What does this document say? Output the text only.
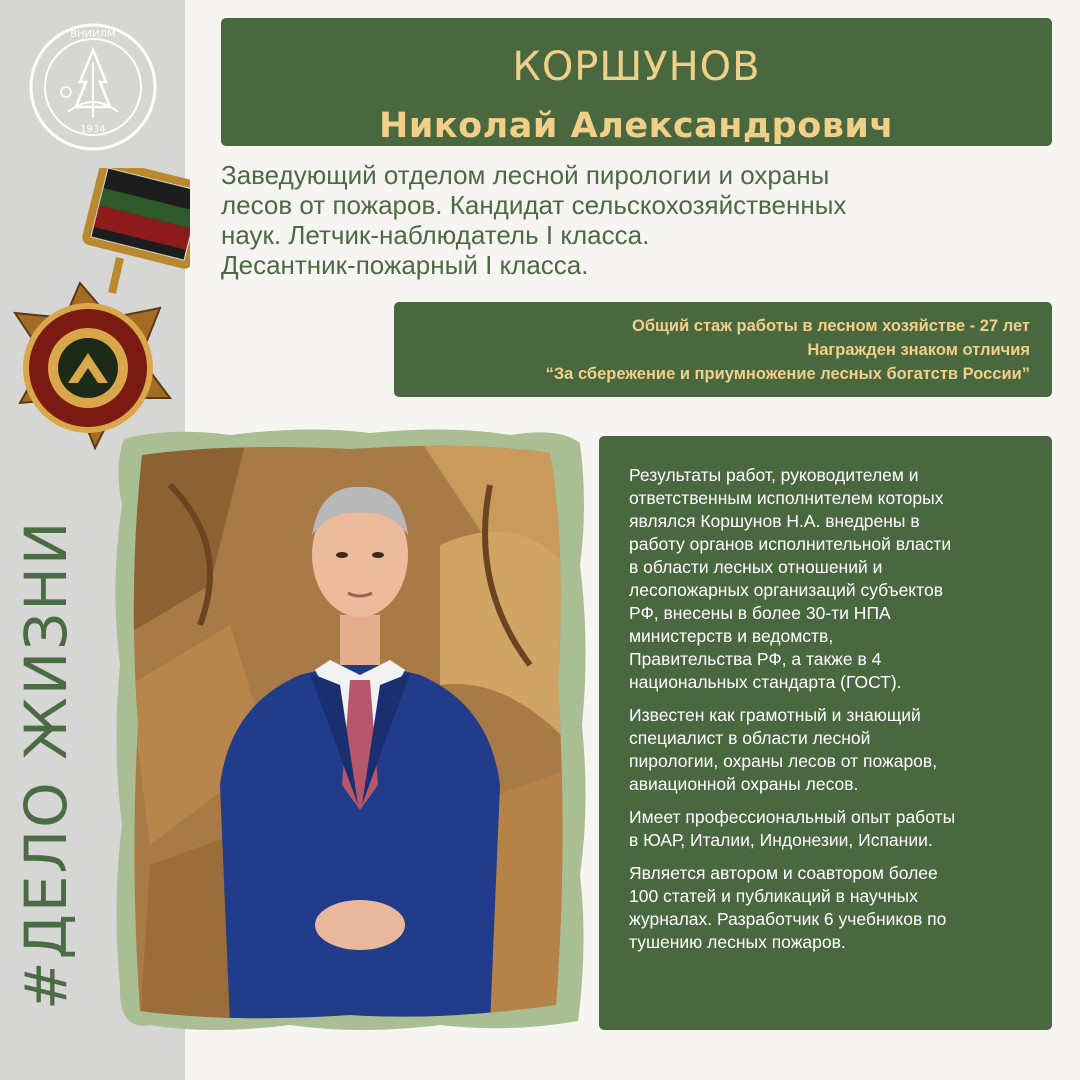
ВНИИЛМ
1934
#ДЕЛО ЖИЗНИ
КОРШУНОВ
Николай Александрович
Заведующий отделом лесной пирологии и охраны
лесов от пожаров. Кандидат сельскохозяйственных
наук. Летчик-наблюдатель I класса.
Десантник-пожарный I класса.
Общий стаж работы в лесном хозяйстве - 27 лет
Награжден знаком отличия
“За сбережение и приумножение лесных богатств России”

Результаты работ, руководителем и
ответственным исполнителем которых
являлся Коршунов Н.А. внедрены в
работу органов исполнительной власти
в области лесных отношений и
лесопожарных организаций субъектов
РФ, внесены в более 30-ти НПА
министерств и ведомств,
Правительства РФ, а также в 4
национальных стандарта (ГОСТ).

Известен как грамотный и знающий
специалист в области лесной
пирологии, охраны лесов от пожаров,
авиационной охраны лесов.

Имеет профессиональный опыт работы
в ЮАР, Италии, Индонезии, Испании.

Является автором и соавтором более
100 статей и публикаций в научных
журналах. Разработчик 6 учебников по
тушению лесных пожаров.
